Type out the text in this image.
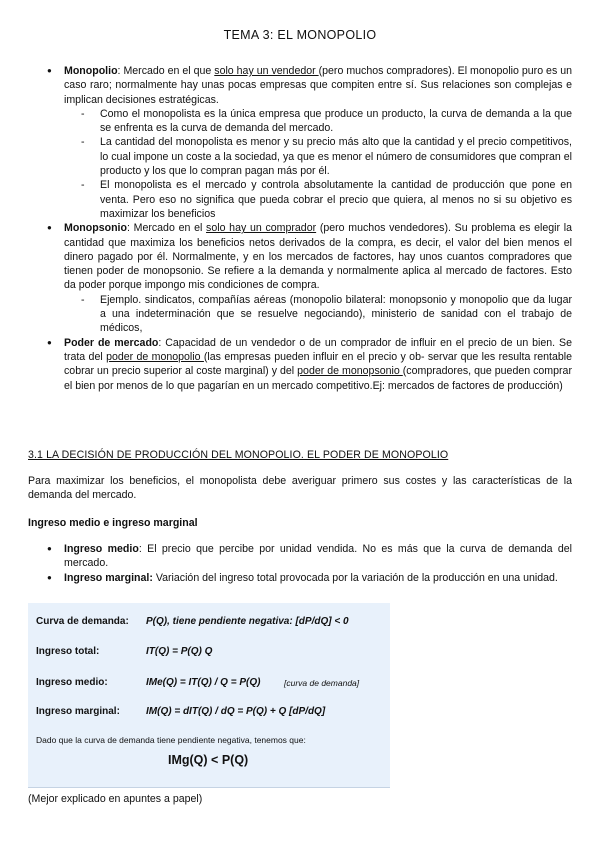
TEMA 3: EL MONOPOLIO
● Monopolio: Mercado en el que solo hay un vendedor (pero muchos compradores). El monopolio puro es un caso raro; normalmente hay unas pocas empresas que compiten entre sí. Sus relaciones son complejas e implican decisiones estratégicas.
- Como el monopolista es la única empresa que produce un producto, la curva de demanda a la que se enfrenta es la curva de demanda del mercado.
- La cantidad del monopolista es menor y su precio más alto que la cantidad y el precio competitivos, lo cual impone un coste a la sociedad, ya que es menor el número de consumidores que compran el producto y los que lo compran pagan más por él.
- El monopolista es el mercado y controla absolutamente la cantidad de producción que pone en venta. Pero eso no significa que pueda cobrar el precio que quiera, al menos no si su objetivo es maximizar los beneficios
● Monopsonio: Mercado en el solo hay un comprador (pero muchos vendedores). Su problema es elegir la cantidad que maximiza los beneficios netos derivados de la compra, es decir, el valor del bien menos el dinero pagado por él. Normalmente, y en los mercados de factores, hay unos cuantos compradores que tienen poder de monopsonio. Se refiere a la demanda y normalmente aplica al mercado de factores. Esto da poder porque impongo mis condiciones de compra.
- Ejemplo. sindicatos, compañías aéreas (monopolio bilateral: monopsonio y monopolio que da lugar a una indeterminación que se resuelve negociando), ministerio de sanidad con el trabajo de médicos,
● Poder de mercado: Capacidad de un vendedor o de un comprador de influir en el precio de un bien. Se trata del poder de monopolio (las empresas pueden influir en el precio y ob- servar que les resulta rentable cobrar un precio superior al coste marginal) y del poder de monopsonio (compradores, que pueden comprar el bien por menos de lo que pagarían en un mercado competitivo.Ej: mercados de factores de producción)
3.1 LA DECISIÓN DE PRODUCCIÓN DEL MONOPOLIO. EL PODER DE MONOPOLIO
Para maximizar los beneficios, el monopolista debe averiguar primero sus costes y las características de la demanda del mercado.
Ingreso medio e ingreso marginal
● Ingreso medio: El precio que percibe por unidad vendida. No es más que la curva de demanda del mercado.
● Ingreso marginal: Variación del ingreso total provocada por la variación de la producción en una unidad.
Curva de demanda: P(Q), tiene pendiente negativa: [dP/dQ] < 0
Ingreso total:	IT(Q) = P(Q) Q
Ingreso medio:	IMe(Q) = IT(Q) / Q = P(Q)	[curva de demanda]
Ingreso marginal:	IM(Q) = dIT(Q) / dQ = P(Q) + Q [dP/dQ]
Dado que la curva de demanda tiene pendiente negativa, tenemos que:
IMg(Q) < P(Q)
(Mejor explicado en apuntes a papel)
